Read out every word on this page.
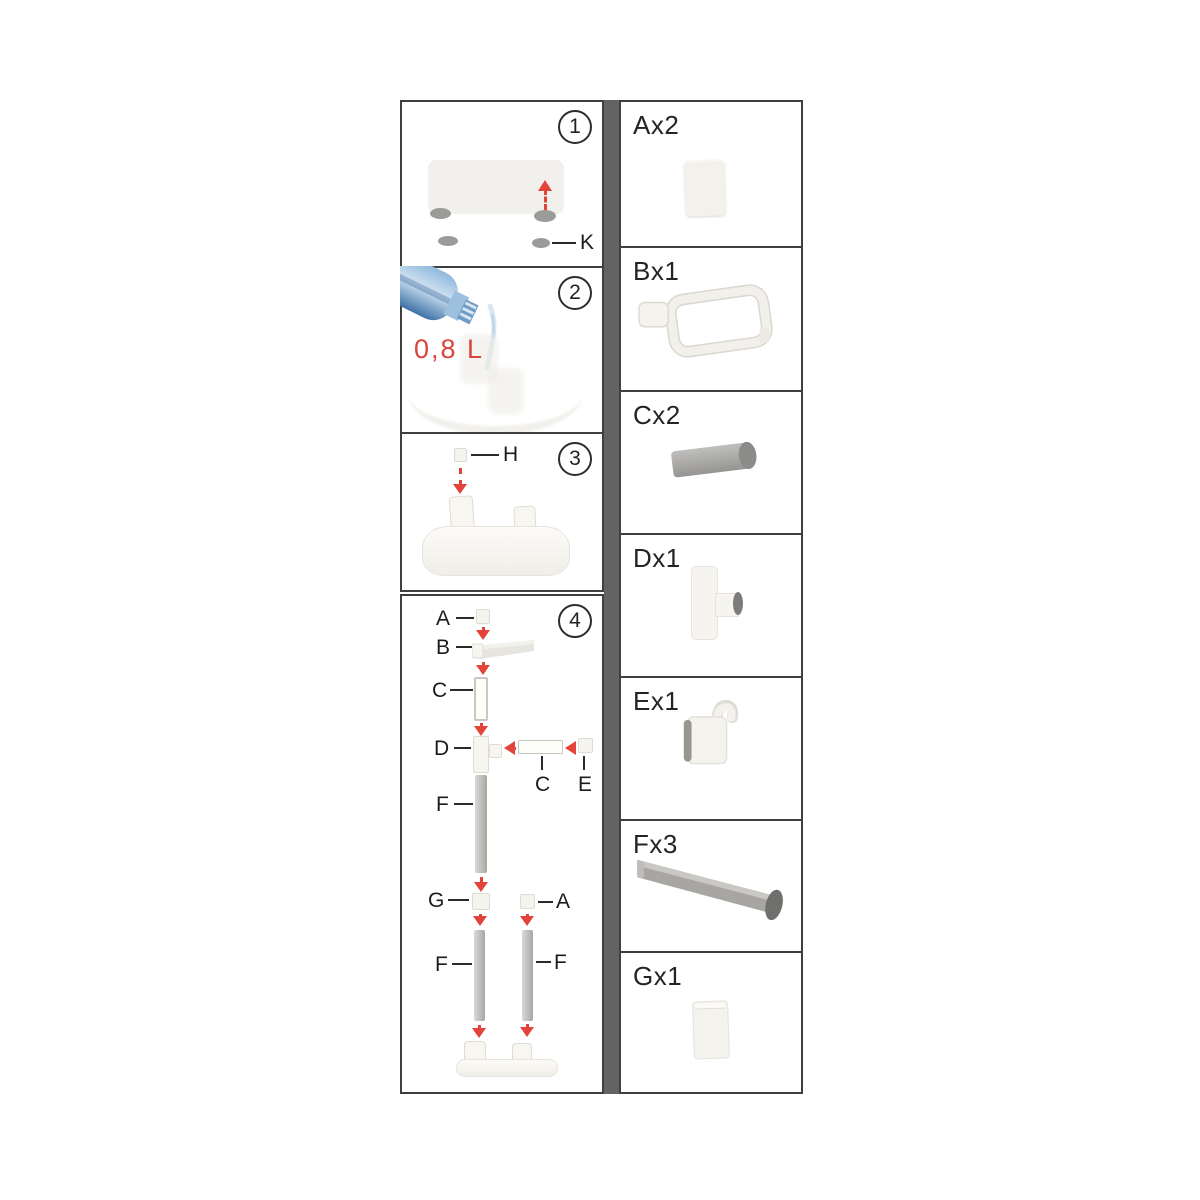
1
K
2
0,8 L
3
H
4
A
B
C
D
C E
F
G	A
F	F
Ax2
Bx1
Cx2
Dx1
Ex1
Fx3
Gx1
